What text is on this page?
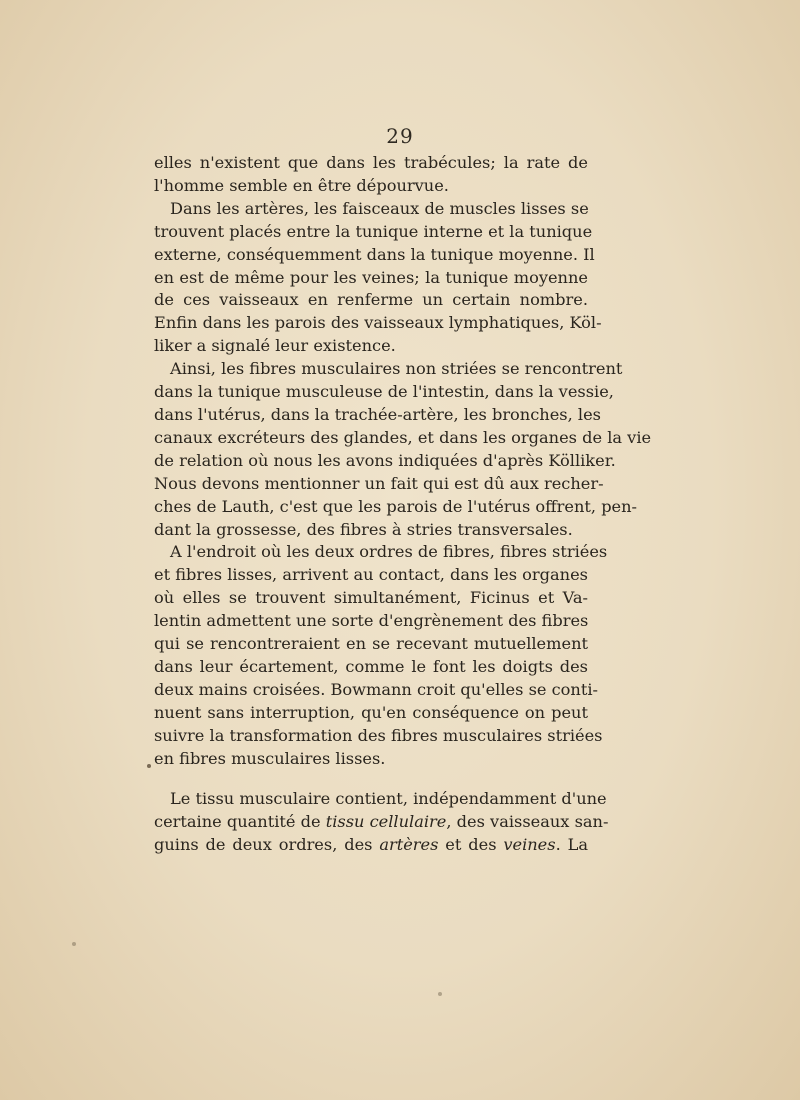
29

elles n'existent que dans les trabécules; la rate de
l'homme semble en être dépourvue.

Dans les artères, les faisceaux de muscles lisses se
trouvent placés entre la tunique interne et la tunique
externe, conséquemment dans la tunique moyenne. Il
en est de même pour les veines; la tunique moyenne
de ces vaisseaux en renferme un certain nombre.
Enfin dans les parois des vaisseaux lymphatiques, Köl-
liker a signalé leur existence.

Ainsi, les fibres musculaires non striées se rencontrent
dans la tunique musculeuse de l'intestin, dans la vessie,
dans l'utérus, dans la trachée-artère, les bronches, les
canaux excréteurs des glandes, et dans les organes de la vie
de relation où nous les avons indiquées d'après Kölliker.
Nous devons mentionner un fait qui est dû aux recher-
ches de Lauth, c'est que les parois de l'utérus offrent, pen-
dant la grossesse, des fibres à stries transversales.

A l'endroit où les deux ordres de fibres, fibres striées
et fibres lisses, arrivent au contact, dans les organes
où elles se trouvent simultanément, Ficinus et Va-
lentin admettent une sorte d'engrènement des fibres
qui se rencontreraient en se recevant mutuellement
dans leur écartement, comme le font les doigts des
deux mains croisées. Bowmann croit qu'elles se conti-
nuent sans interruption, qu'en conséquence on peut
suivre la transformation des fibres musculaires striées
en fibres musculaires lisses.

Le tissu musculaire contient, indépendamment d'une
certaine quantité de tissu cellulaire, des vaisseaux san-
guins de deux ordres, des artères et des veines. La
